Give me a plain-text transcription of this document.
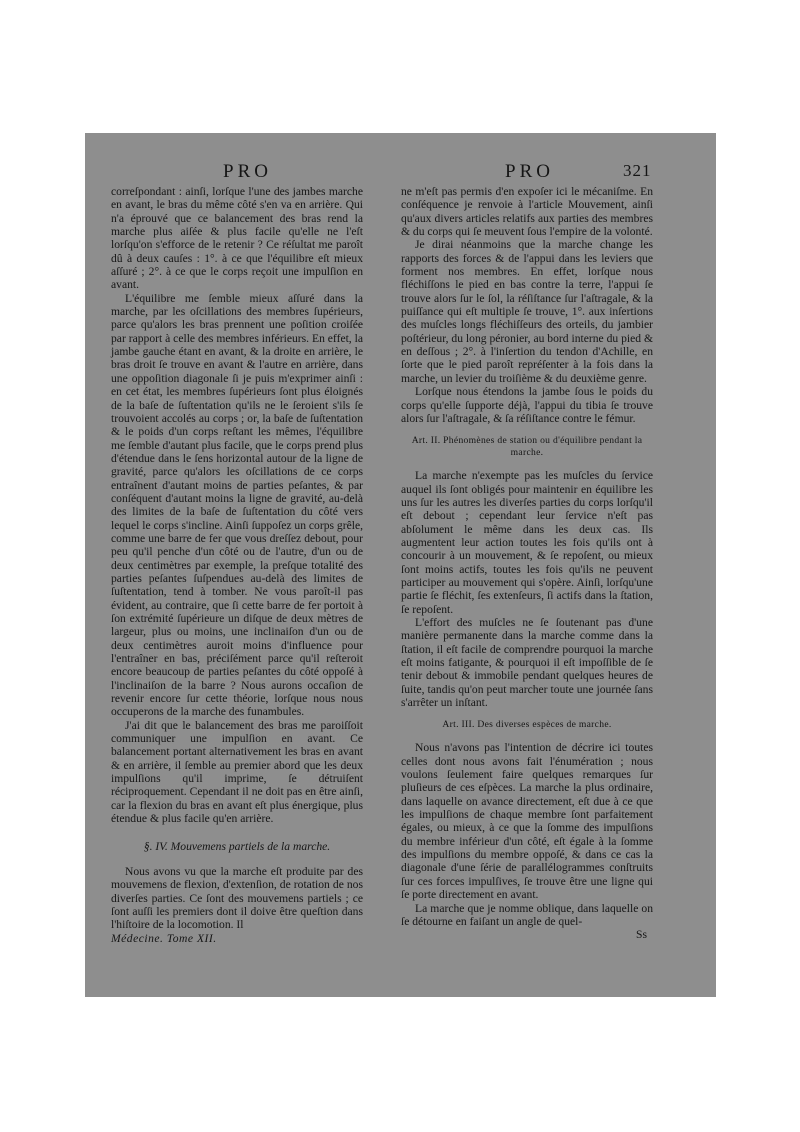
PRO	PRO	321

correſpondant : ainſi, lorſque l'une des jambes marche en avant, le bras du même côté s'en va en arrière. Qui n'a éprouvé que ce balancement des bras rend la marche plus aiſée & plus facile qu'elle ne l'eſt lorſqu'on s'efforce de le retenir ? Ce réſultat me paroît dû à deux cauſes : 1°. à ce que l'équilibre eſt mieux aſſuré ; 2°. à ce que le corps reçoit une impulſion en avant.

L'équilibre me ſemble mieux aſſuré dans la marche, par les oſcillations des membres ſupérieurs, parce qu'alors les bras prennent une poſition croiſée par rapport à celle des membres inférieurs. En effet, la jambe gauche étant en avant, & la droite en arrière, le bras droit ſe trouve en avant & l'autre en arrière, dans une oppoſition diagonale ſi je puis m'exprimer ainſi : en cet état, les membres ſupérieurs ſont plus éloignés de la baſe de ſuſtentation qu'ils ne le ſeroient s'ils ſe trouvoient accolés au corps ; or, la baſe de ſuſtentation & le poids d'un corps reſtant les mêmes, l'équilibre me ſemble d'autant plus facile, que le corps prend plus d'étendue dans le ſens horizontal autour de la ligne de gravité, parce qu'alors les oſcillations de ce corps entraînent d'autant moins de parties peſantes, & par conſéquent d'autant moins la ligne de gravité, au-delà des limites de la baſe de ſuſtentation du côté vers lequel le corps s'incline. Ainſi ſuppoſez un corps grêle, comme une barre de fer que vous dreſſez debout, pour peu qu'il penche d'un côté ou de l'autre, d'un ou de deux centimètres par exemple, la preſque totalité des parties peſantes ſuſpendues au-delà des limites de ſuſtentation, tend à tomber. Ne vous paroît-il pas évident, au contraire, que ſi cette barre de fer portoit à ſon extrémité ſupérieure un diſque de deux mètres de largeur, plus ou moins, une inclinaiſon d'un ou de deux centimètres auroit moins d'influence pour l'entraîner en bas, préciſément parce qu'il reſteroit encore beaucoup de parties peſantes du côté oppoſé à l'inclinaiſon de la barre ? Nous aurons occaſion de revenir encore ſur cette théorie, lorſque nous nous occuperons de la marche des funambules.

J'ai dit que le balancement des bras me paroiſſoit communiquer une impulſion en avant. Ce balancement portant alternativement les bras en avant & en arrière, il ſemble au premier abord que les deux impulſions qu'il imprime, ſe détruiſent réciproquement. Cependant il ne doit pas en être ainſi, car la flexion du bras en avant eſt plus énergique, plus étendue & plus facile qu'en arrière.

§. IV. Mouvemens partiels de la marche.

Nous avons vu que la marche eſt produite par des mouvemens de flexion, d'extenſion, de rotation de nos diverſes parties. Ce ſont des mouvemens partiels ; ce ſont auſſi les premiers dont il doive être queſtion dans l'hiſtoire de la locomotion. Il

Médecine. Tome XII.

ne m'eſt pas permis d'en expoſer ici le mécaniſme. En conſéquence je renvoie à l'article Mouvement, ainſi qu'aux divers articles relatifs aux parties des membres & du corps qui ſe meuvent ſous l'empire de la volonté.

Je dirai néanmoins que la marche change les rapports des forces & de l'appui dans les leviers que forment nos membres. En effet, lorſque nous fléchiſſons le pied en bas contre la terre, l'appui ſe trouve alors ſur le ſol, la réſiſtance ſur l'aſtragale, & la puiſſance qui eſt multiple ſe trouve, 1°. aux inſertions des muſcles longs fléchiſſeurs des orteils, du jambier poſtérieur, du long péronier, au bord interne du pied & en deſſous ; 2°. à l'inſertion du tendon d'Achille, en ſorte que le pied paroît repréſenter à la fois dans la marche, un levier du troiſième & du deuxième genre.

Lorſque nous étendons la jambe ſous le poids du corps qu'elle ſupporte déjà, l'appui du tibia ſe trouve alors ſur l'aſtragale, & ſa réſiſtance contre le fémur.

Art. II. Phénomènes de station ou d'équilibre pendant la marche.

La marche n'exempte pas les muſcles du ſervice auquel ils ſont obligés pour maintenir en équilibre les uns ſur les autres les diverſes parties du corps lorſqu'il eſt debout ; cependant leur ſervice n'eſt pas abſolument le même dans les deux cas. Ils augmentent leur action toutes les fois qu'ils ont à concourir à un mouvement, & ſe repoſent, ou mieux ſont moins actifs, toutes les fois qu'ils ne peuvent participer au mouvement qui s'opère. Ainſi, lorſqu'une partie ſe fléchit, ſes extenſeurs, ſi actifs dans la ſtation, ſe repoſent.

L'effort des muſcles ne ſe ſoutenant pas d'une manière permanente dans la marche comme dans la ſtation, il eſt facile de comprendre pourquoi la marche eſt moins fatigante, & pourquoi il eſt impoſſible de ſe tenir debout & immobile pendant quelques heures de ſuite, tandis qu'on peut marcher toute une journée ſans s'arrêter un inſtant.

Art. III. Des diverses espèces de marche.

Nous n'avons pas l'intention de décrire ici toutes celles dont nous avons fait l'énumération ; nous voulons ſeulement faire quelques remarques ſur pluſieurs de ces eſpèces. La marche la plus ordinaire, dans laquelle on avance directement, eſt due à ce que les impulſions de chaque membre ſont parfaitement égales, ou mieux, à ce que la ſomme des impulſions du membre inférieur d'un côté, eſt égale à la ſomme des impulſions du membre oppoſé, & dans ce cas la diagonale d'une ſérie de parallélogrammes conſtruits ſur ces forces impulſives, ſe trouve être une ligne qui ſe porte directement en avant.

La marche que je nomme oblique, dans laquelle on ſe détourne en faiſant un angle de quel-

Ss
